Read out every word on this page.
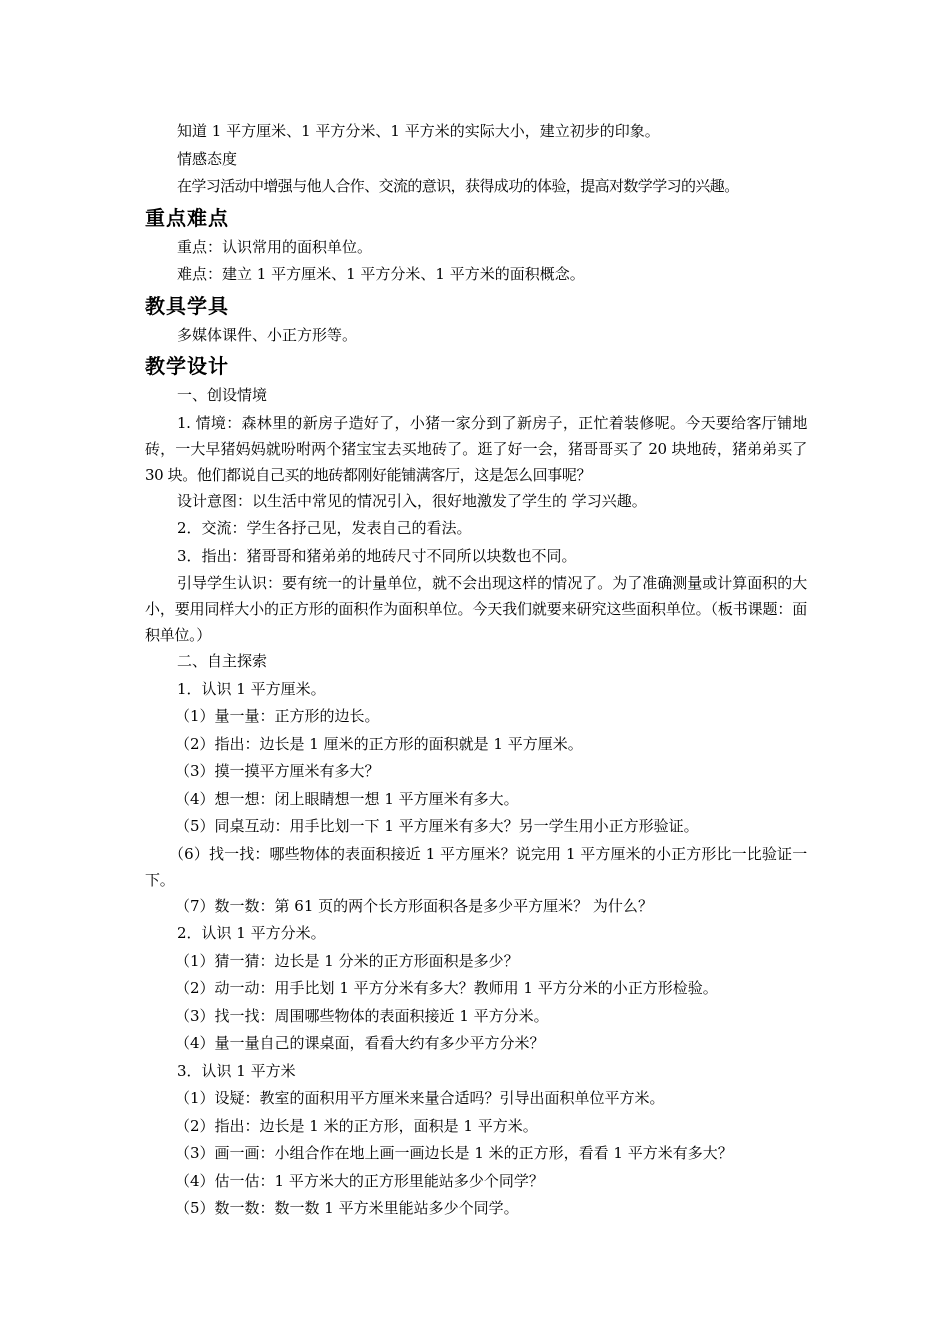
知道 1 平方厘米、1 平方分米、1 平方米的实际大小，建立初步的印象。

情感态度

在学习活动中增强与他人合作、交流的意识，获得成功的体验，提高对数学学习的兴趣。

重点难点

重点：认识常用的面积单位。

难点：建立 1 平方厘米、1 平方分米、1 平方米的面积概念。

教具学具

多媒体课件、小正方形等。

教学设计

一、创设情境

1. 情境：森林里的新房子造好了，小猪一家分到了新房子，正忙着装修呢。今天要给客厅铺地砖，一大早猪妈妈就吩咐两个猪宝宝去买地砖了。逛了好一会，猪哥哥买了 20 块地砖，猪弟弟买了 30 块。他们都说自己买的地砖都刚好能铺满客厅，这是怎么回事呢？

设计意图：以生活中常见的情况引入，很好地激发了学生的 学习兴趣。

2．交流：学生各抒己见，发表自己的看法。

3．指出：猪哥哥和猪弟弟的地砖尺寸不同所以块数也不同。

引导学生认识：要有统一的计量单位，就不会出现这样的情况了。为了准确测量或计算面积的大小，要用同样大小的正方形的面积作为面积单位。今天我们就要来研究这些面积单位。（板书课题：面积单位。）

二、自主探索

1．认识 1 平方厘米。

（1）量一量：正方形的边长。

（2）指出：边长是 1 厘米的正方形的面积就是 1 平方厘米。

（3）摸一摸平方厘米有多大？

（4）想一想：闭上眼睛想一想 1 平方厘米有多大。

（5）同桌互动：用手比划一下 1 平方厘米有多大？另一学生用小正方形验证。

（6）找一找：哪些物体的表面积接近 1 平方厘米？说完用 1 平方厘米的小正方形比一比验证一下。

（7）数一数：第 61 页的两个长方形面积各是多少平方厘米？ 为什么？

2．认识 1 平方分米。

（1）猜一猜：边长是 1 分米的正方形面积是多少？

（2）动一动：用手比划 1 平方分米有多大？教师用 1 平方分米的小正方形检验。

（3）找一找：周围哪些物体的表面积接近 1 平方分米。

（4）量一量自己的课桌面，看看大约有多少平方分米？

3．认识 1 平方米

（1）设疑：教室的面积用平方厘米来量合适吗？引导出面积单位平方米。

（2）指出：边长是 1 米的正方形，面积是 1 平方米。

（3）画一画：小组合作在地上画一画边长是 1 米的正方形，看看 1 平方米有多大？

（4）估一估：1 平方米大的正方形里能站多少个同学？

（5）数一数：数一数 1 平方米里能站多少个同学。
